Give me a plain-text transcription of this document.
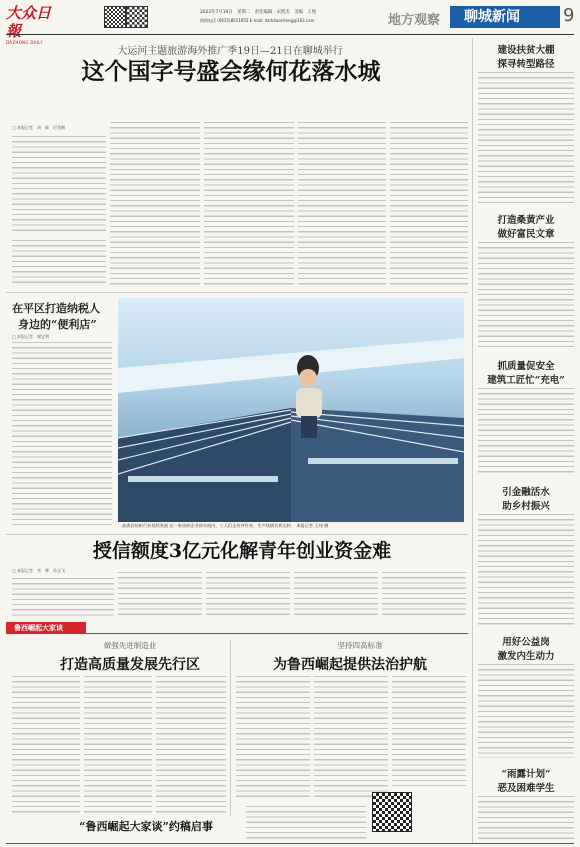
大众日報
DAZHONG DAILY
2022年7月19日　星期二　责任编辑　宋凯杰　美编　王纯
热线电话 (0635)8511655 E-mail: dzrbliaocheng@163.com	地方观察	聊城新闻	9
大运河主题旅游海外推广季19日—21日在聊城举行
这个国字号盛会缘何花落水城
□ 本报记者　胡　峰　厉莹琳
在平区打造纳税人
身边的“便利店”
□ 本报记者　谢宝利
高唐县纺织行业持续发展 在一家纺织企业的车间内，工人们正有序作业，生产线满负荷运转。 本报记者 王纯 摄
授信额度3亿元化解青年创业资金难
□ 本报记者　李　攀　孙宝飞
鲁西崛起大家谈
做强先进制造业
打造高质量发展先行区
坚持四高标准
为鲁西崛起提供法治护航
“鲁西崛起大家谈”约稿启事
建设扶贫大棚
探寻转型路径
打造桑黄产业
做好富民文章
抓质量促安全
建筑工匠忙“充电”
引金融活水
助乡村振兴
用好公益岗
激发内生动力
“雨露计划”
恶及困难学生
